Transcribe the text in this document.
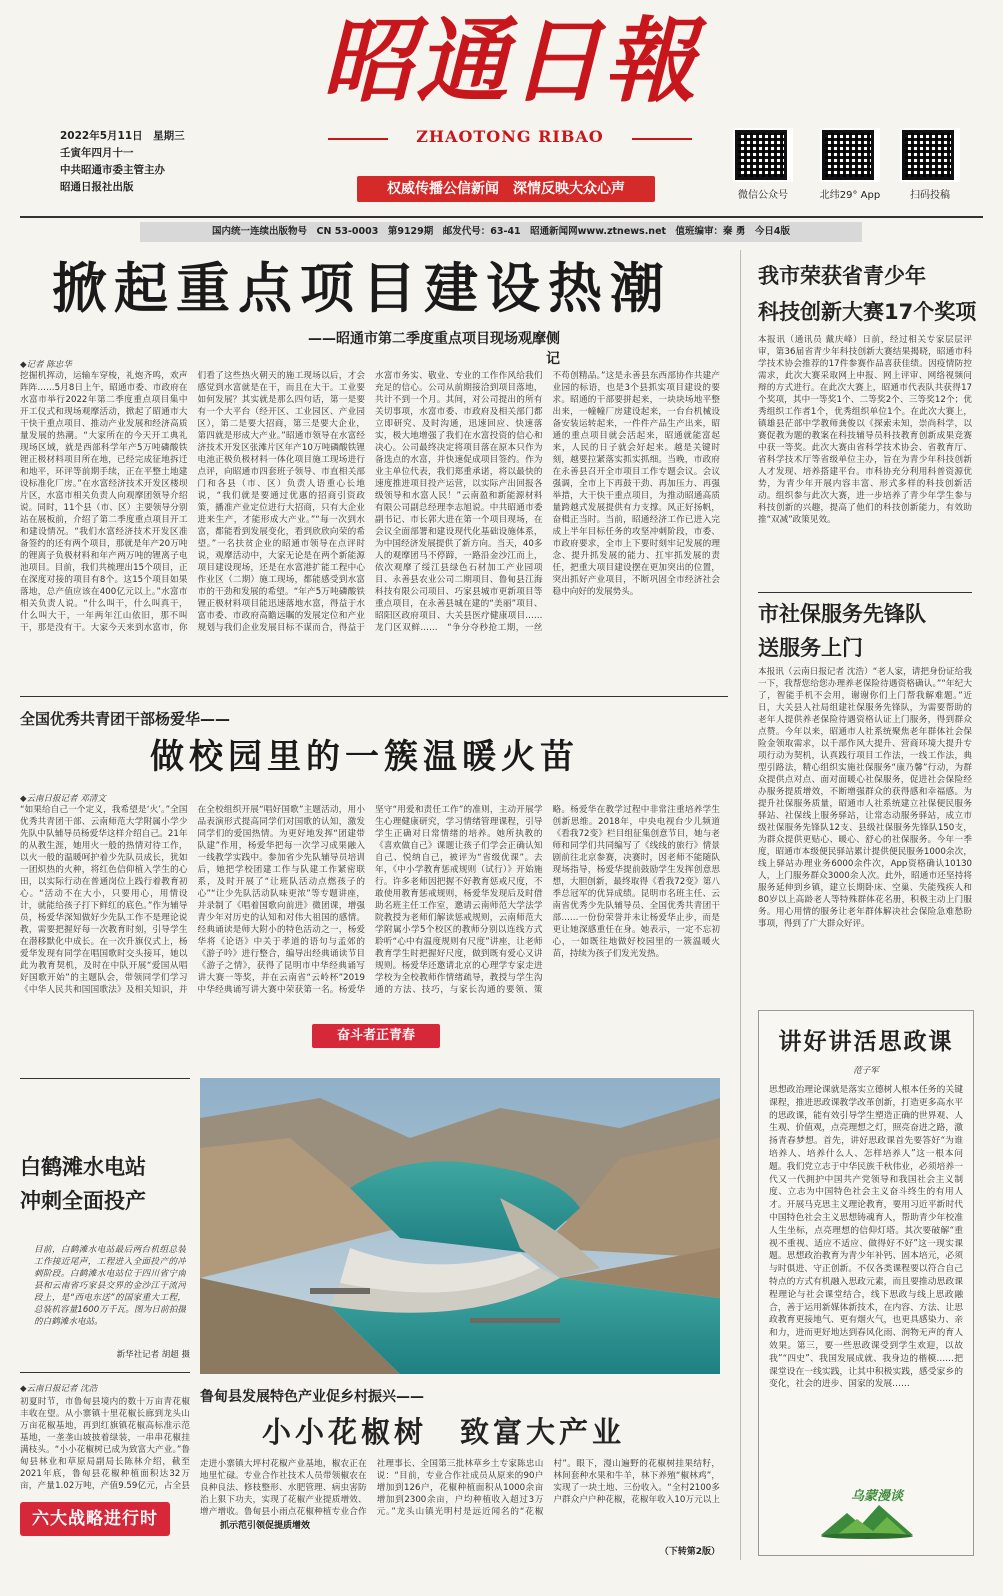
昭通日報
ZHAOTONG RIBAO
权威传播公信新闻　深情反映大众心声
2022年5月11日　星期三
壬寅年四月十一
中共昭通市委主管主办
昭通日报社出版
微信公众号	北纬29° App	扫码投稿
国内统一连续出版物号　CN 53-0003　第9129期　邮发代号：63-41　昭通新闻网www.ztnews.net　值班编审：秦 勇　今日4版
掀起重点项目建设热潮
——昭通市第二季度重点项目现场观摩侧记
◆记者 陈忠华
挖掘机挥动，运输车穿梭，礼炮齐鸣，欢声阵阵……5月8日上午，昭通市委、市政府在水富市举行2022年第二季度重点项目集中开工仪式和现场观摩活动，掀起了昭通市大干快干重点项目、推动产业发展和经济高质量发展的热潮。“大家所在的今天开工典礼现场区域，就是西部科学年产5万吨磷酸铁锂正极材料项目所在地，已经完成征地拆迁和地平，环评等前期手续，正在平整土地建设标准化厂房。”在水富经济技术开发区楼坝片区，水富市相关负责人向观摩团领导介绍说。同时，11个县（市、区）主要领导分别站在展板前，介绍了第二季度重点项目开工和建设情况。“我们水富经济技术开发区准备签约的还有两个项目，那就是年产20万吨的锂离子负极材料和年产两万吨的锂离子电池项目。目前，我们共梳理出15个项目，正在深度对接的项目有8个。这15个项目如果落地，总产值应该在400亿元以上。”水富市相关负责人说。“什么叫干，什么叫真干，什么叫大干，一年两年江山依旧，那不叫干，那是没有干。大家今天来到水富市，你们看了这些热火朝天的施工现场以后，才会感觉到水富就是在干，而且在大干。工业要如何发展？其实就是那么四句话，第一是要有一个大平台（经开区、工业园区、产业园区），第二是要大招商，第三是要大企业，第四就是形成大产业。”昭通市领导在水富经济技术开发区张滩片区年产10万吨磷酸铁锂电池正极负极材料一体化项目施工现场进行点评，向昭通市四套班子领导、市直相关部门和各县（市、区）负责人语重心长地说，“我们就是要通过优惠的招商引资政策，播准产业定位进行大招商，只有大企业进来生产，才能形成大产业。”“每一次到水富，都能看到发展变化，看到欣欣向荣的希望。”一名扶贫企业的昭通市领导在点评时说，观摩活动中，大家无论是在两个新能源项目建设现场，还是在水富港扩能工程中心作业区（二期）施工现场，都能感受到水富市的干劲和发展的希望。“年产5万吨磷酸铁锂正极材料项目能迅速落地水富，得益于水富市委、市政府高瞻远瞩的发展定位和产业规划与我们企业发展目标不谋而合，得益于水富市务实、敬业、专业的工作作风给我们充足的信心。公司从前期接洽到项目落地，共计不到一个月。其间，对公司提出的所有关切事项，水富市委、市政府及相关部门都立即研究、及时沟通，迅速回应、快速落实，极大地增强了我们在水富投资的信心和决心。公司最终决定将项目落在原本只作为备选点的水富，并快速促成项目签约。作为业主单位代表，我们郑重承诺，将以最快的速度推进项目投产运营，以实际产出回报各级领导和水富人民！”云南盈和新能源材料有限公司副总经理李志旭说。中共昭通市委副书记、市长郭大进在第一个项目现场，在会议全面部署和建设现代化基础设施体系，为中国经济发展提供了新方向。当天，40多人的观摩团马不停蹄，一路沿金沙江而上，依次观摩了绥江县绿色石材加工产业园项目、永善县农业公司二期项目、鲁甸县江海科技有限公司项目、巧家县城市更新项目等重点项目，在永善县城在建的“美丽”项目、昭阳区政府项目、大关县医疗健康项目……龙门区双鲜……　“争分夺秒抢工期，一丝不苟创精品。”这是永善县东西部协作共建产业园的标语，也是3个县抓实项目建设的要求。昭通的干部要拼起来，一块块场地平整出来，一幢幢厂房建设起来，一台台机械设备安装运转起来，一件件产品生产出来，昭通的重点项目就会活起来，昭通就能富起来，人民的日子就会好起来。越是关键时刻，越要拉紧落实抓实抓细。当晚，市政府在永善县召开全市项目工作专题会议。会议强调，全市上下再鼓干劲、再加压力、再强举措，大干快干重点项目，为推动昭通高质量跨越式发展提供有力支撑。风正好扬帆，奋楫正当时。当前，昭通经济工作已进入完成上半年目标任务的攻坚冲刺阶段，市委、市政府要求，全市上下要时刻牢记发展的理念、提升抓发展的能力、扛牢抓发展的责任，把重大项目建设摆在更加突出的位置，突出抓好产业项目，不断巩固全市经济社会稳中向好的发展势头。
全国优秀共青团干部杨爱华——
做校园里的一簇温暖火苗
◆云南日报记者 邓清文
“如果给自己一个定义，我希望是‘火’。”全国优秀共青团干部、云南师范大学附属小学少先队中队辅导员杨爱华这样介绍自己。21年的从教生涯，她用火一般的热情对待工作，以火一般的温暖呵护着少先队员成长，犹如一团炽热的火种，将红色信仰植入学生的心田，以实际行动在普通岗位上践行着教育初心。“活动不在大小，只要用心，用情设计，就能给孩子打下鲜红的底色。”作为辅导员，杨爱华深知做好少先队工作不是理论说教，需要把握好每一次教育时刻，引导学生在潜移默化中成长。在一次升旗仪式上，杨爱华发现有同学在唱国歌时交头接耳，她以此为教育契机，及时在中队开展“爱国从唱好国歌开始”的主题队会，带领同学们学习《中华人民共和国国歌法》及相关知识，并在全校组织开展“唱好国歌”主题活动，用小品表演形式提高同学们对国歌的认知，激发同学们的爱国热情。为更好地发挥“团建带队建”作用，杨爱华把每一次学习成果融入一线教学实践中。参加省少先队辅导员培训后，她把学校团建工作与队建工作紧密联系，及时开展了“让班队活动点燃孩子的心”“让少先队活动队味更浓”等专题讲座，并录制了《唱着国歌向前进》微团课，增强青少年对历史的认知和对伟大祖国的感情。经典诵读是师大附小的特色活动之一，杨爱华将《论语》中关于孝道的语句与孟郊的《游子吟》进行整合，编导出经典诵读节目《游子之情》，获得了昆明市中华经典诵写讲大赛一等奖，并在云南省“云岭杯”2019中华经典诵写讲大赛中荣获第一名。杨爱华坚守“用爱和责任工作”的准则，主动开展学生心理健康研究，学习情绪管理课程，引导学生正确对日常情绪的培养。她所执教的《喜欢做自己》课题让孩子们学会正确认知自己、悦纳自己，被评为“省级优课”。去年，《中小学教育惩戒规则（试行）》开始施行。许多老师因把握不好教育惩戒尺度，不敢使用教育惩戒规则，杨爱华发现后及时借助名班主任工作室，邀请云南师范大学法学院教授为老师们解读惩戒规则，云南师范大学附属小学5个校区的教师分别以连线方式聆听“心中有温度规则有尺度”讲座，让老师教育学生时把握好尺度，做到既有爱心又讲规则。杨爱华还邀请北京的心理学专家走进学校为全校教师作情绪疏导，教授与学生沟通的方法、技巧，与家长沟通的要领、策略。杨爱华在教学过程中非常注重培养学生创新思维。2018年，中央电视台少儿频道《看我72变》栏目组征集创意节目，她与老师和同学们共同编写了《线线的旅行》情景剧前往北京参赛，决赛时，因老师不能随队现场指导，杨爱华提前鼓励学生发挥创意思想，大胆创新，最终取得《看我72变》第八季总冠军的优异成绩。昆明市名班主任、云南省优秀少先队辅导员、全国优秀共青团干部……一份份荣誉并未让杨爱华止步，而是更让她深感重任在身。她表示，一定不忘初心，一如既往地做好校园里的一簇温暖火苗，持续为孩子们发光发热。
奋斗者正青春
白鹤滩水电站
冲刺全面投产
目前，白鹤滩水电站最后两台机组总装工作接近尾声，工程进入全面投产的冲刺阶段。白鹤滩水电站位于四川省宁南县和云南省巧家县交界的金沙江干流河段上，是“西电东送”的国家重大工程，总装机容量1600万千瓦。图为日前拍摄的白鹤滩水电站。
新华社记者 胡超 摄
◆云南日报记者 沈浩
初夏时节，市鲁甸县境内的数十万亩青花椒丰收在望。从小寨镇十里花椒长廊到龙头山万亩花椒基地，再到红旗镇花椒高标准示范基地，一垄垄山坡披着绿装，一串串花椒挂满枝头。“小小花椒树已成为致富大产业。”鲁甸县林业和草原局副局长陈林介绍，截至2021年底，鲁甸县花椒种植面积达32万亩，产量1.02万吨，产值9.59亿元，占全县
六大战略进行时
鲁甸县发展特色产业促乡村振兴——
小小花椒树　致富大产业
抓示范引领促提质增效
走进小寨镇大坪村花椒产业基地，椒农正在地里忙碌。专业合作社技术人员带领椒农在良种良法、修枝整形、水肥管理、病虫害防治上狠下功夫，实现了花椒产业提质增效、增产增收。鲁甸县小雨点花椒种植专业合作社理事长、全国第三批林草乡土专家陈忠山说：“目前，专业合作社成员从原来的90户增加到126户，花椒种植面积从1000余亩增加到2300余亩，户均种植收入超过3万元。”龙头山镇光明村是远近闻名的“花椒村”。眼下，漫山遍野的花椒树挂果结籽，林间套种水果和牛羊，林下养殖“椒林鸡”，实现了一块土地、三份收入。“全村2100多户群众户户种花椒，花椒年收入10万元以上
（下转第2版）
我市荣获省青少年
科技创新大赛17个奖项
本报讯（通讯员 戴庆峰）日前，经过相关专家层层评审，第36届省青少年科技创新大赛结果揭晓，昭通市科学技术协会推荐的17件参赛作品喜获佳绩。因疫情防控需求，此次大赛采取网上申报、网上评审、网络视频问辩的方式进行。在此次大赛上，昭通市代表队共获得17个奖项，其中一等奖1个、二等奖2个、三等奖12个；优秀组织工作者1个，优秀组织单位1个。在此次大赛上，镇雄县茫部中学教师龚俊以《探索未知，崇尚科学，以赛促教为题的教案在科技辅导员科技教育创新成果竞赛中获一等奖。此次大赛由省科学技术协会、省教育厅、省科学技术厅等省级单位主办，旨在为青少年科技创新人才发现、培养搭建平台。市科协充分利用科普资源优势，为青少年开展内容丰富、形式多样的科技创新活动。组织参与此次大赛，进一步培养了青少年学生参与科技创新的兴趣，提高了他们的科技创新能力，有效助推“双减”政策见效。
市社保服务先锋队
送服务上门
本报讯（云南日报记者 沈浩）“老人家，请把身份证给我一下，我帮您给您办理养老保险待遇资格确认。”“年纪大了，智能手机不会用，谢谢你们上门帮我解难题。”近日，大关县人社局组建社保服务先锋队，为需要帮助的老年人提供养老保险待遇资格认证上门服务，得到群众点赞。今年以来，昭通市人社系统聚焦老年群体社会保险金领取需求，以千部作风大提升、营商环境大提升专项行动为契机，认真践行项目工作法，一线工作法，典型引路法，精心组织实施社保服务“康乃馨”行动，为群众提供点对点、面对面暖心社保服务，促进社会保险经办服务提质增效，不断增强群众的获得感和幸福感。为提升社保服务质量，昭通市人社系统建立社保便民服务驿站、社保线上服务驿站，让常态动服务驿站，成立市级社保服务先锋队12支、县级社保服务先锋队150支，为群众提供更贴心、暖心、舒心的社保服务。今年一季度，昭通市本级便民驿站累计提供便民服务1000余次，线上驿站办理业务6000余件次，App资格确认10130人，上门服务群众3000余人次。此外，昭通市还坚持将服务延伸到乡镇，建立长期卧床、空巢、失能残疾人和80岁以上高龄老人等特殊群体花名册，积极主动上门服务。用心用情的服务让老年群体解决社会保险急难愁盼事项，得到了广大群众好评。
讲好讲活思政课
范子军
思想政治理论课就是落实立德树人根本任务的关键课程，推进思政课教学改革创新，打造更多高水平的思政课，能有效引导学生塑造正确的世界观、人生观、价值观，点亮理想之灯，照亮奋进之路，激扬青春梦想。首先，讲好思政课首先要答好“为谁培养人、培养什么人、怎样培养人”这一根本问题。我们党立志于中华民族千秋伟业，必须培养一代又一代拥护中国共产党领导和我国社会主义制度、立志为中国特色社会主义奋斗终生的有用人才。开展马克思主义理论教育，要用习近平新时代中国特色社会主义思想铸魂育人，帮助青少年校准人生坐标，点亮理想的信仰灯塔。其次要破解“重视不重视、适应不适应、做得好不好”这一现实课题。思想政治教育为青少年补钙、固本培元，必须与时俱进、守正创新。不仅各类课程要以符合自己特点的方式有机融入思政元素，而且要推动思政课程理论与社会课堂结合，线下思政与线上思政融合，善于运用新媒体新技术，在内容、方法、让思政教育更接地气、更有烟火气，也更具感染力、亲和力，进而更好地达到春风化雨、润物无声的育人效果。第三，要一些思政课受到学生欢迎，以故我”“四史”、我国发展成就、我身边的楷模……把课堂设在一线实践，让其中积极实践，感受家乡的变化，社会的进步、国家的发展……
乌蒙漫谈
